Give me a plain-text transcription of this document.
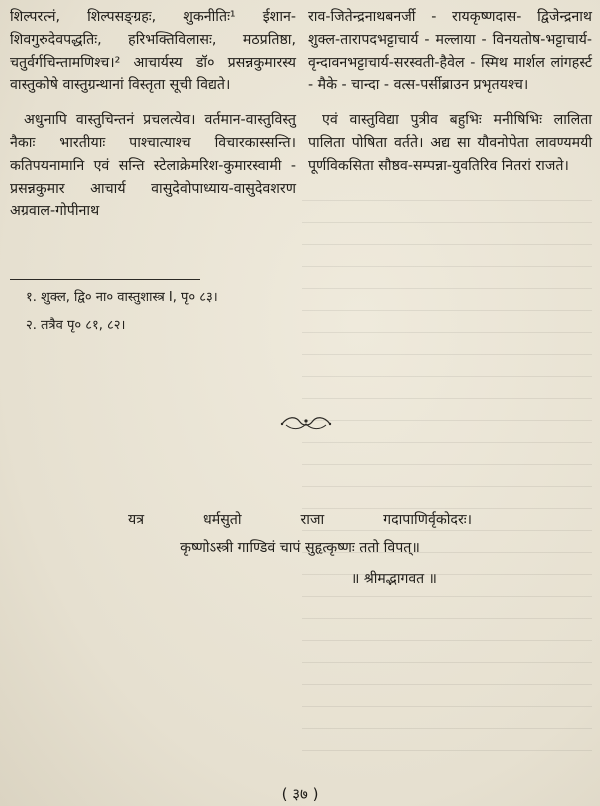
शिल्परत्नं, शिल्पसङ्ग्रहः, शुकनीतिः¹ ईशान-शिवगुरुदेवपद्धतिः, हरिभक्तिविलासः, मठप्रतिष्ठा, चतुर्वर्गचिन्तामणिश्च।² आचार्यस्य डॉ० प्रसन्नकुमारस्य वास्तुकोषे वास्तुग्रन्थानां विस्तृता सूची विद्यते।

अधुनापि वास्तुचिन्तनं प्रचलत्येव। वर्तमान-वास्तुविस्तु नैकाः भारतीयाः पाश्चात्याश्च विचारकास्सन्ति। कतिपयनामानि एवं सन्ति स्टेलाक्रेमरिश-कुमारस्वामी - प्रसन्नकुमार आचार्य वासुदेवोपाध्याय-वासुदेवशरण अग्रवाल-गोपीनाथ

राव-जितेन्द्रनाथबनर्जी - रायकृष्णदास- द्विजेन्द्रनाथ शुक्ल-तारापदभट्टाचार्य - मल्लाया - विनयतोष-भट्टाचार्य-वृन्दावनभट्टाचार्य-सरस्वती-हैवेल - स्मिथ मार्शल लांगहर्स्ट - मैके - चान्दा - वत्स-पर्सीब्राउन प्रभृतयश्च।

एवं वास्तुविद्या पुत्रीव बहुभिः मनीषिभिः लालिता पालिता पोषिता वर्तते। अद्य सा यौवनोपेता लावण्यमयी पूर्णविकसिता सौष्ठव-सम्पन्ना-युवतिरिव नितरां राजते।

१. शुक्ल, द्वि० ना० वास्तुशास्त्र I, पृ० ८३।
२. तत्रैव पृ० ८१, ८२।
यत्र धर्मसुतो राजा गदापाणिर्वृकोदरः।
कृष्णोऽस्त्री गाण्डिवं चापं सुहृत्कृष्णः ततो विपत्॥
॥ श्रीमद्भागवत ॥
( ३७ )
